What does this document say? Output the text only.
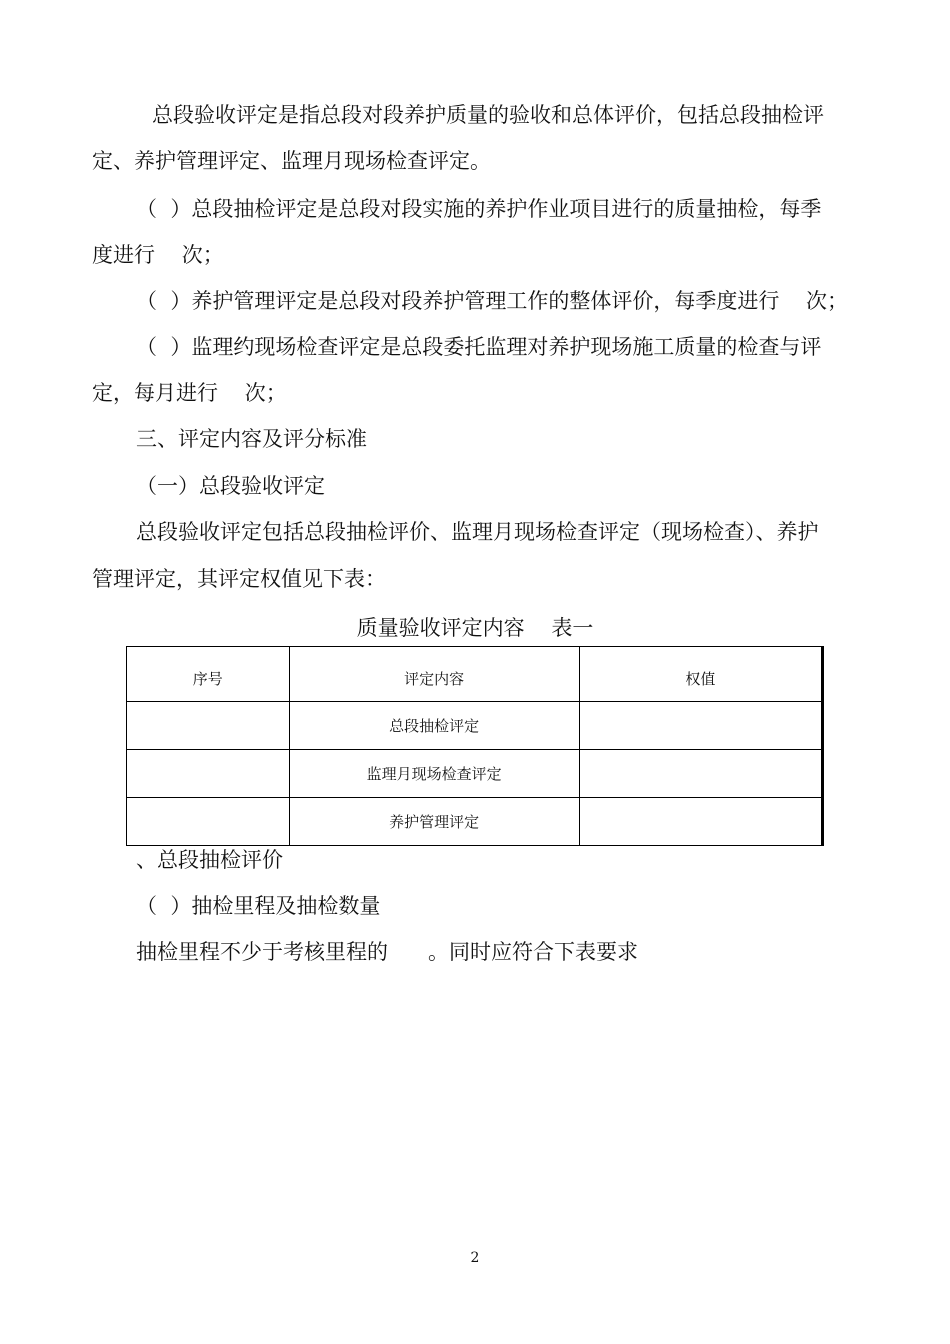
总段验收评定是指总段对段养护质量的验收和总体评价，包括总段抽检评
定、养护管理评定、监理月现场检查评定。
（  ）总段抽检评定是总段对段实施的养护作业项目进行的质量抽检，每季
度进行    次；
（  ）养护管理评定是总段对段养护管理工作的整体评价，每季度进行    次；
（  ）监理约现场检查评定是总段委托监理对养护现场施工质量的检查与评
定，每月进行    次；
三、评定内容及评分标准
（一）总段验收评定
总段验收评定包括总段抽检评价、监理月现场检查评定（现场检查）、养护
管理评定，其评定权值见下表：
质量验收评定内容    表一
序号	评定内容	权值
	总段抽检评定	
	监理月现场检查评定	
	养护管理评定	
、总段抽检评价
（  ）抽检里程及抽检数量
抽检里程不少于考核里程的      。同时应符合下表要求
2
